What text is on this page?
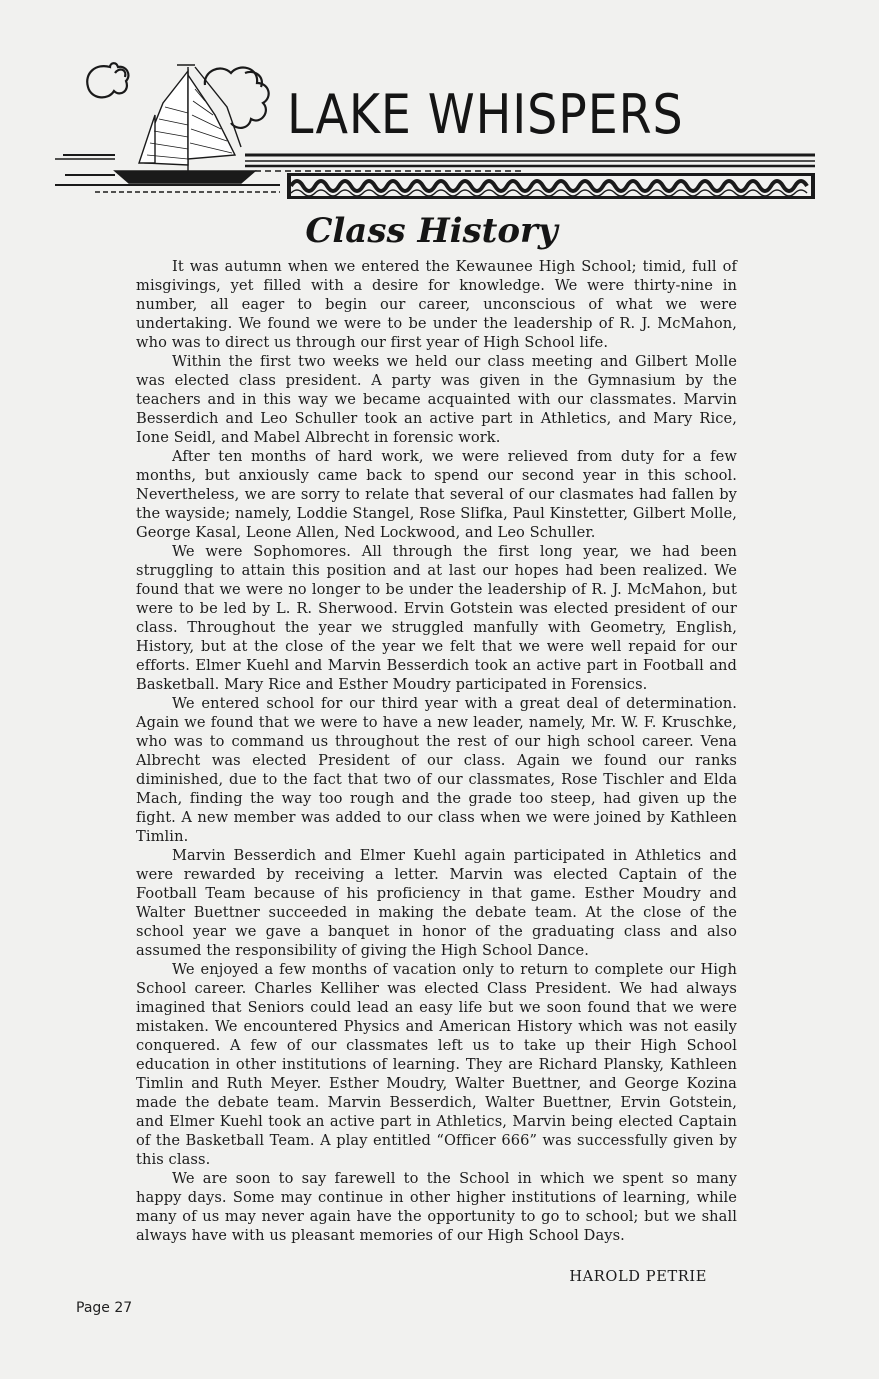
LAKE WHISPERS
Class History

It was autumn when we entered the Kewaunee High School; timid, full of misgivings, yet filled with a desire for knowledge. We were thirty-nine in number, all eager to begin our career, unconscious of what we were undertaking. We found we were to be under the leadership of R. J. McMahon, who was to direct us through our first year of High School life.

Within the first two weeks we held our class meeting and Gilbert Molle was elected class president. A party was given in the Gymnasium by the teachers and in this way we became acquainted with our classmates. Marvin Besserdich and Leo Schuller took an active part in Athletics, and Mary Rice, Ione Seidl, and Mabel Albrecht in forensic work.

After ten months of hard work, we were relieved from duty for a few months, but anxiously came back to spend our second year in this school. Nevertheless, we are sorry to relate that several of our clasmates had fallen by the wayside; namely, Loddie Stangel, Rose Slifka, Paul Kinstetter, Gilbert Molle, George Kasal, Leone Allen, Ned Lockwood, and Leo Schuller.

We were Sophomores. All through the first long year, we had been struggling to attain this position and at last our hopes had been realized. We found that we were no longer to be under the leadership of R. J. McMahon, but were to be led by L. R. Sherwood. Ervin Gotstein was elected president of our class. Throughout the year we struggled manfully with Geometry, English, History, but at the close of the year we felt that we were well repaid for our efforts. Elmer Kuehl and Marvin Besserdich took an active part in Football and Basketball. Mary Rice and Esther Moudry participated in Forensics.

We entered school for our third year with a great deal of determination. Again we found that we were to have a new leader, namely, Mr. W. F. Kruschke, who was to command us throughout the rest of our high school career. Vena Albrecht was elected President of our class. Again we found our ranks diminished, due to the fact that two of our classmates, Rose Tischler and Elda Mach, finding the way too rough and the grade too steep, had given up the fight. A new member was added to our class when we were joined by Kathleen Timlin.

Marvin Besserdich and Elmer Kuehl again participated in Athletics and were rewarded by receiving a letter. Marvin was elected Captain of the Football Team because of his proficiency in that game. Esther Moudry and Walter Buettner succeeded in making the debate team. At the close of the school year we gave a banquet in honor of the graduating class and also assumed the responsibility of giving the High School Dance.

We enjoyed a few months of vacation only to return to complete our High School career. Charles Kelliher was elected Class President. We had always imagined that Seniors could lead an easy life but we soon found that we were mistaken. We encountered Physics and American History which was not easily conquered. A few of our classmates left us to take up their High School education in other institutions of learning. They are Richard Plansky, Kathleen Timlin and Ruth Meyer. Esther Moudry, Walter Buettner, and George Kozina made the debate team. Marvin Besserdich, Walter Buettner, Ervin Gotstein, and Elmer Kuehl took an active part in Athletics, Marvin being elected Captain of the Basketball Team. A play entitled “Officer 666” was successfully given by this class.

We are soon to say farewell to the School in which we spent so many happy days. Some may continue in other higher institutions of learning, while many of us may never again have the opportunity to go to school; but we shall always have with us pleasant memories of our High School Days.

HAROLD PETRIE
Page 27
